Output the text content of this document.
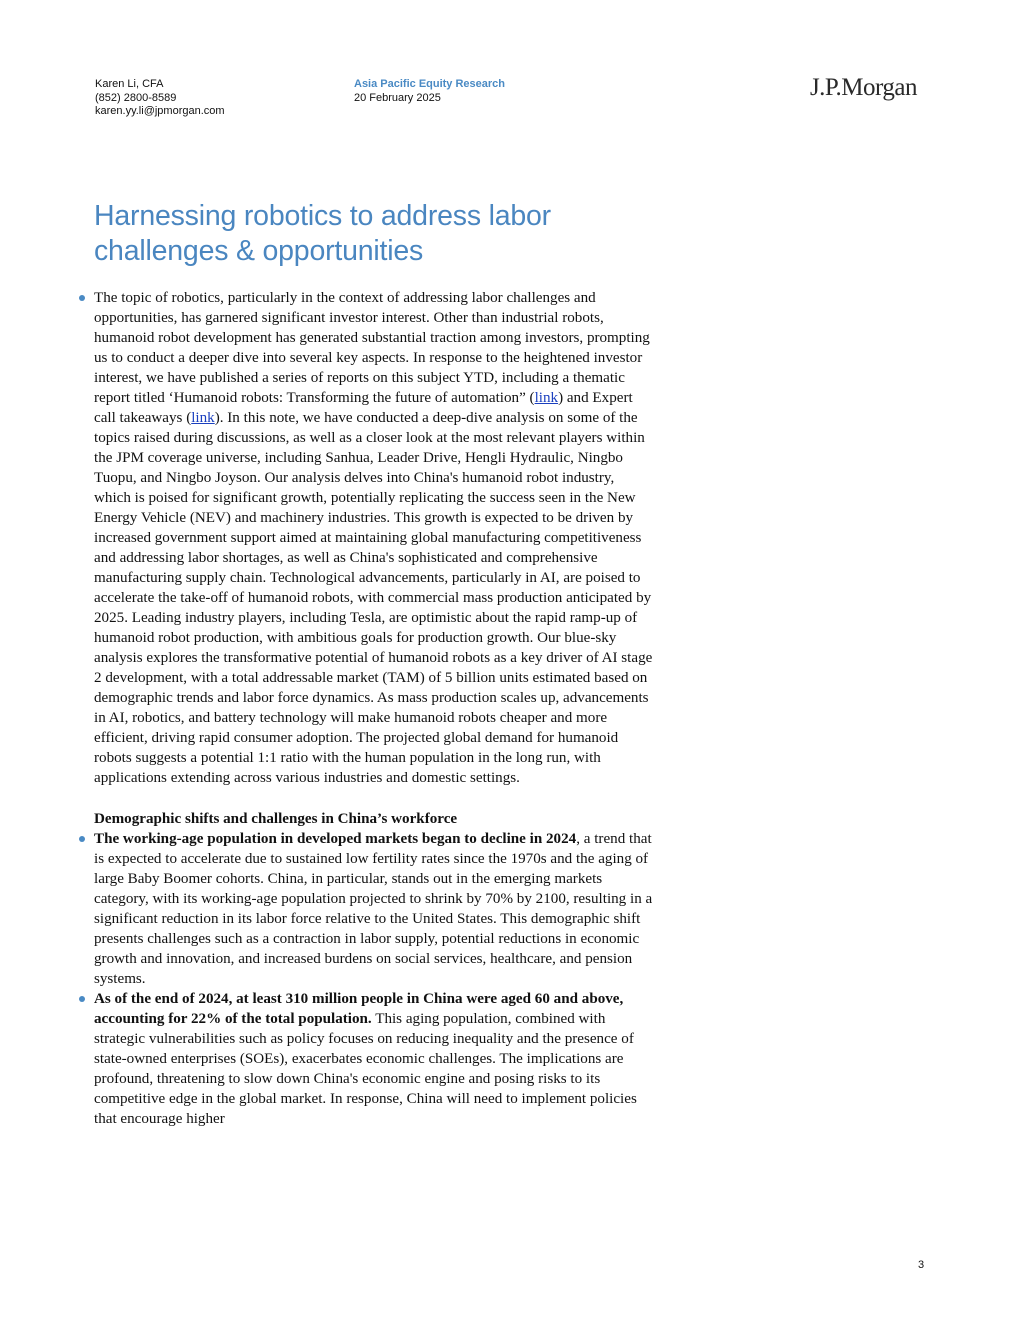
Karen Li, CFA
(852) 2800-8589
karen.yy.li@jpmorgan.com
Asia Pacific Equity Research
20 February 2025	J.P.Morgan
Harnessing robotics to address labor
challenges & opportunities

The topic of robotics, particularly in the context of addressing labor challenges and opportunities, has garnered significant investor interest. Other than industrial robots, humanoid robot development has generated substantial traction among investors, prompting us to conduct a deeper dive into several key aspects. In response to the heightened investor interest, we have published a series of reports on this subject YTD, including a thematic report titled ‘Humanoid robots: Transforming the future of automation” (link) and Expert call takeaways (link). In this note, we have conducted a deep-dive analysis on some of the topics raised during discussions, as well as a closer look at the most relevant players within the JPM coverage universe, including Sanhua, Leader Drive, Hengli Hydraulic, Ningbo Tuopu, and Ningbo Joyson. Our analysis delves into China's humanoid robot industry, which is poised for significant growth, potentially replicating the success seen in the New Energy Vehicle (NEV) and machinery industries. This growth is expected to be driven by increased government support aimed at maintaining global manufacturing competitiveness and addressing labor shortages, as well as China's sophisticated and comprehensive manufacturing supply chain. Technological advancements, particularly in AI, are poised to accelerate the take-off of humanoid robots, with commercial mass production anticipated by 2025. Leading industry players, including Tesla, are optimistic about the rapid ramp-up of humanoid robot production, with ambitious goals for production growth. Our blue-sky analysis explores the transformative potential of humanoid robots as a key driver of AI stage 2 development, with a total addressable market (TAM) of 5 billion units estimated based on demographic trends and labor force dynamics. As mass production scales up, advancements in AI, robotics, and battery technology will make humanoid robots cheaper and more efficient, driving rapid consumer adoption. The projected global demand for humanoid robots suggests a potential 1:1 ratio with the human population in the long run, with applications extending across various industries and domestic settings.

Demographic shifts and challenges in China’s workforce

The working-age population in developed markets began to decline in 2024, a trend that is expected to accelerate due to sustained low fertility rates since the 1970s and the aging of large Baby Boomer cohorts. China, in particular, stands out in the emerging markets category, with its working-age population projected to shrink by 70% by 2100, resulting in a significant reduction in its labor force relative to the United States. This demographic shift presents challenges such as a contraction in labor supply, potential reductions in economic growth and innovation, and increased burdens on social services, healthcare, and pension systems.

As of the end of 2024, at least 310 million people in China were aged 60 and above, accounting for 22% of the total population. This aging population, combined with strategic vulnerabilities such as policy focuses on reducing inequality and the presence of state-owned enterprises (SOEs), exacerbates economic challenges. The implications are profound, threatening to slow down China's economic engine and posing risks to its competitive edge in the global market. In response, China will need to implement policies that encourage higher

3
